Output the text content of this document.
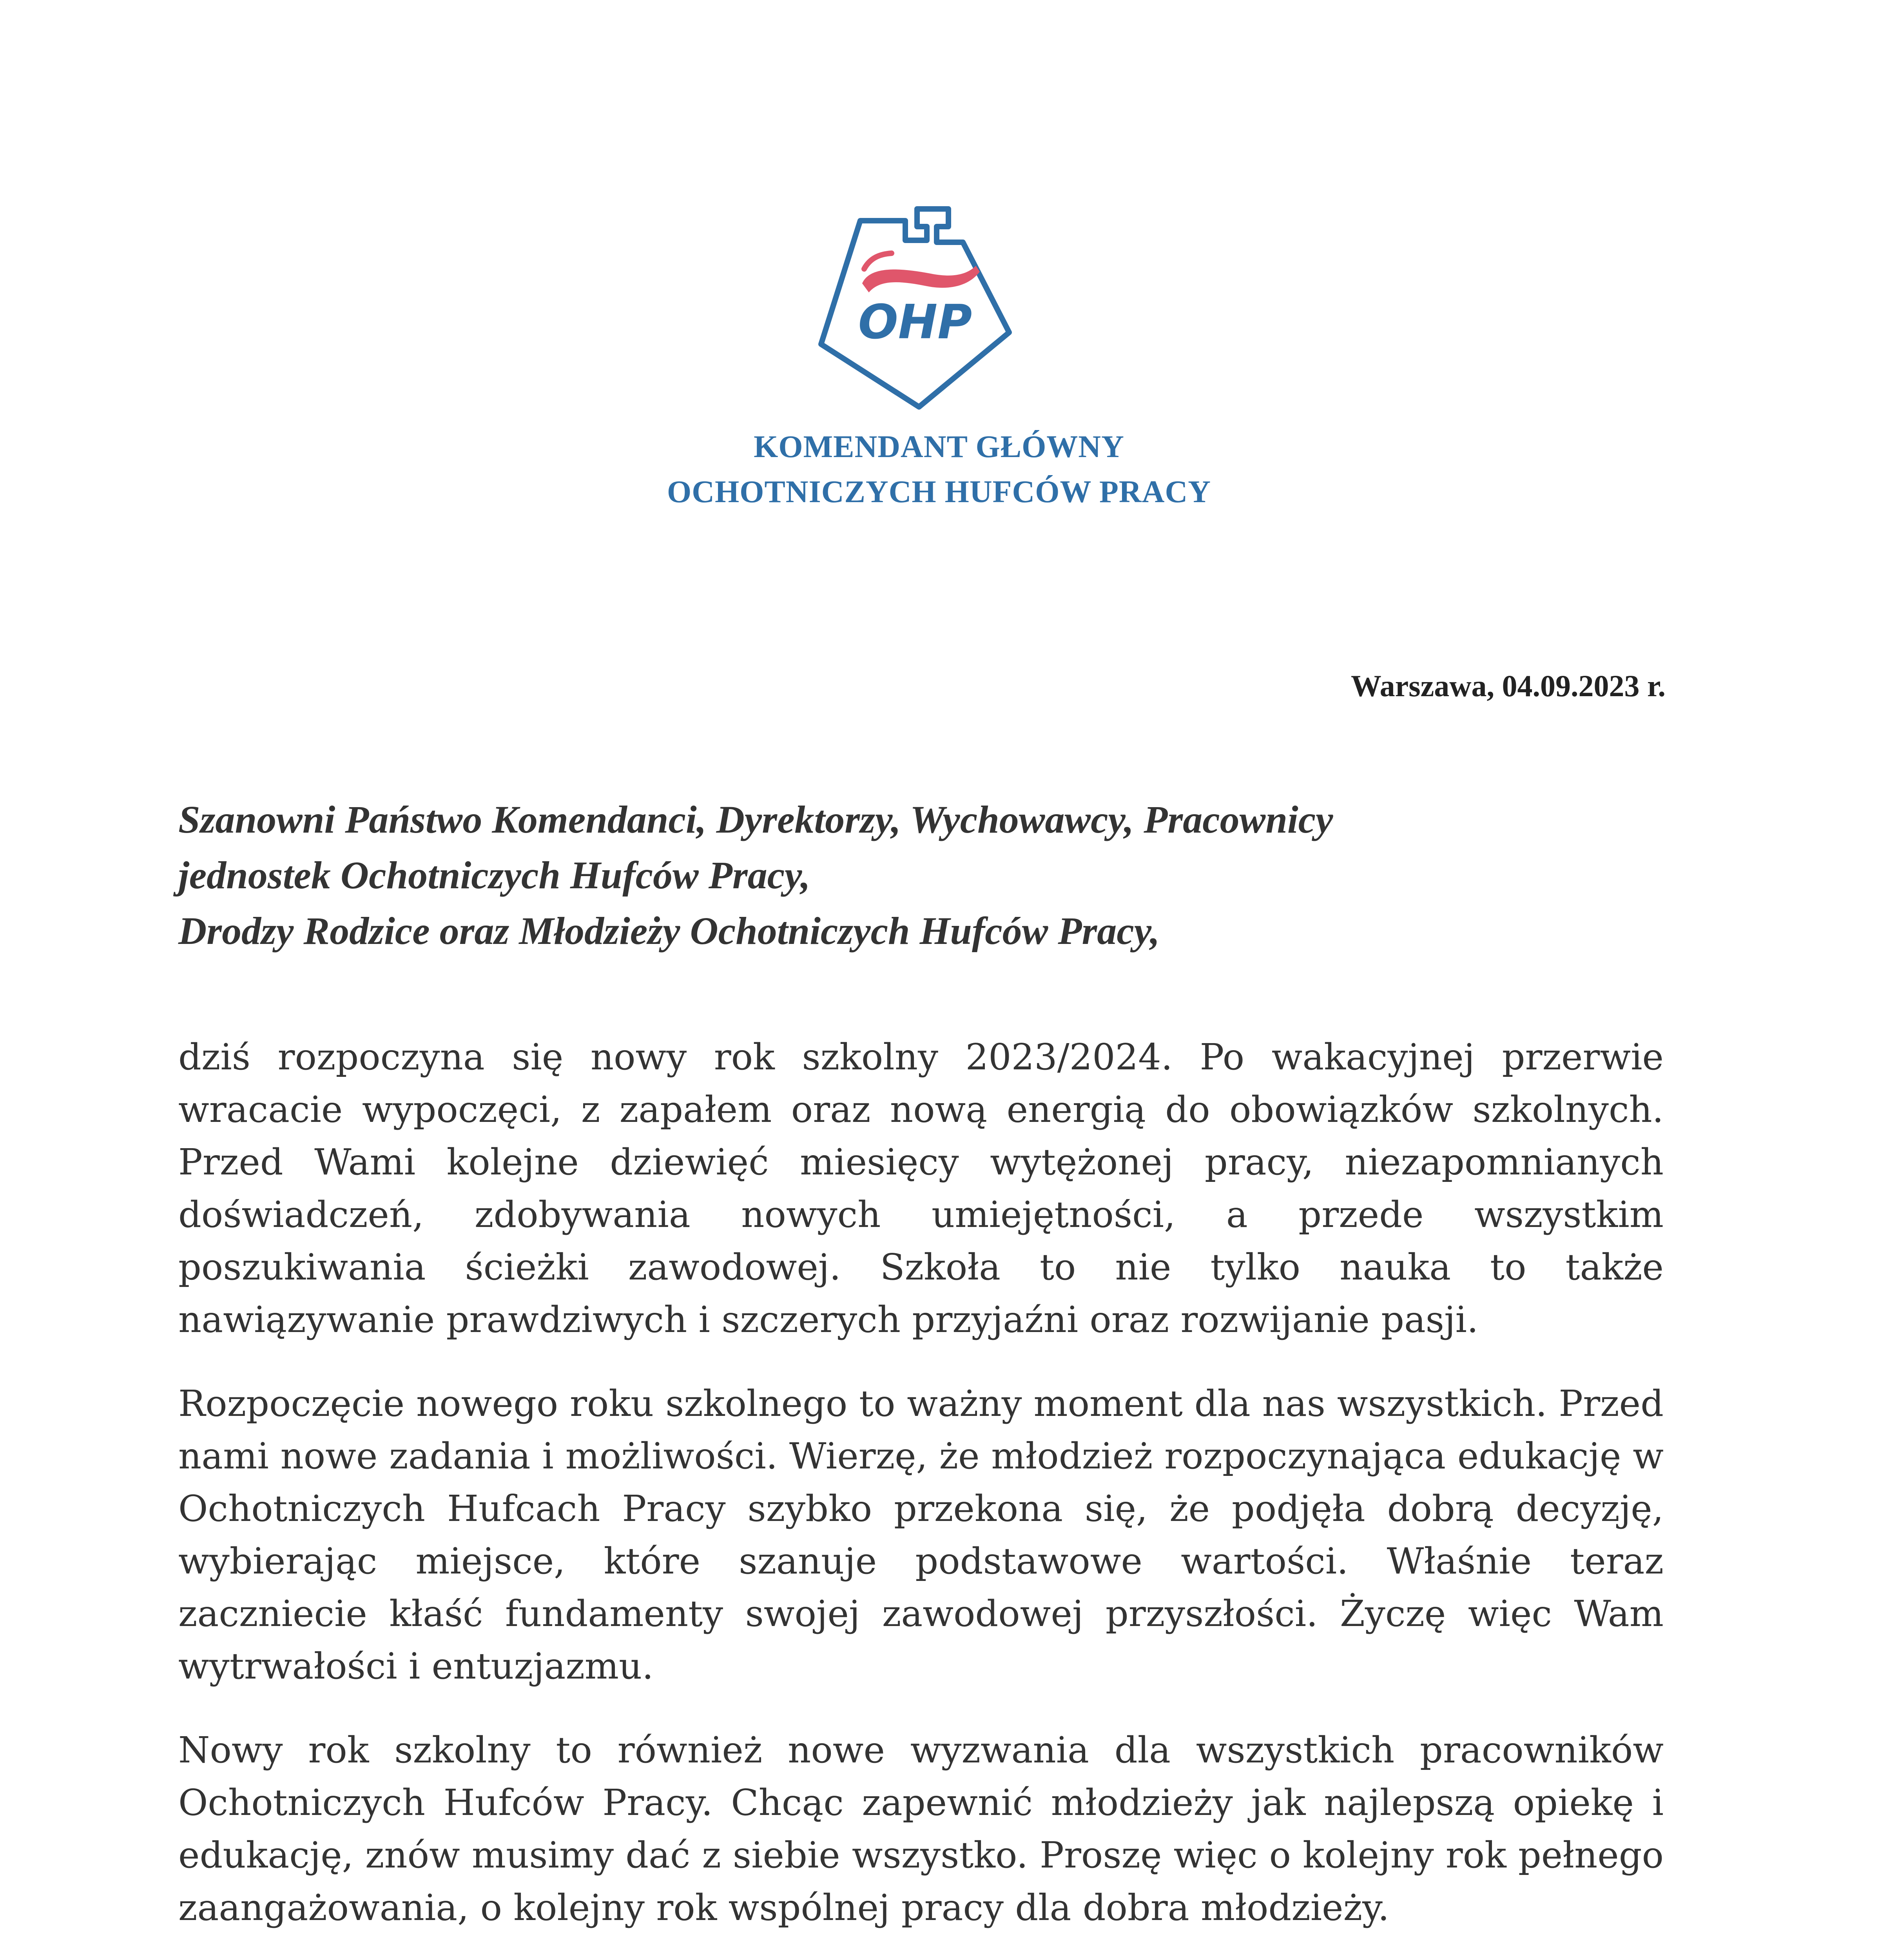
OHP
KOMENDANT GŁÓWNY
OCHOTNICZYCH HUFCÓW PRACY
Warszawa, 04.09.2023 r.
Szanowni Państwo Komendanci, Dyrektorzy, Wychowawcy, Pracownicy
jednostek Ochotniczych Hufców Pracy,
Drodzy Rodzice oraz Młodzieży Ochotniczych Hufców Pracy,

dziś rozpoczyna się nowy rok szkolny 2023/2024. Po wakacyjnej przerwie wracacie wypoczęci, z zapałem oraz nową energią do obowiązków szkolnych. Przed Wami kolejne dziewięć miesięcy wytężonej pracy, niezapomnianych doświadczeń, zdobywania nowych umiejętności, a przede wszystkim poszukiwania ścieżki zawodowej. Szkoła to nie tylko nauka to także nawiązywanie prawdziwych i szczerych przyjaźni oraz rozwijanie pasji.

Rozpoczęcie nowego roku szkolnego to ważny moment dla nas wszystkich. Przed nami nowe zadania i możliwości. Wierzę, że młodzież rozpoczynająca edukację w Ochotniczych Hufcach Pracy szybko przekona się, że podjęła dobrą decyzję, wybierając miejsce, które szanuje podstawowe wartości. Właśnie teraz zaczniecie kłaść fundamenty swojej zawodowej przyszłości. Życzę więc Wam wytrwałości i entuzjazmu.

Nowy rok szkolny to również nowe wyzwania dla wszystkich pracowników Ochotniczych Hufców Pracy. Chcąc zapewnić młodzieży jak najlepszą opiekę i edukację, znów musimy dać z siebie wszystko. Proszę więc o kolejny rok pełnego zaangażowania, o kolejny rok wspólnej pracy dla dobra młodzieży.
